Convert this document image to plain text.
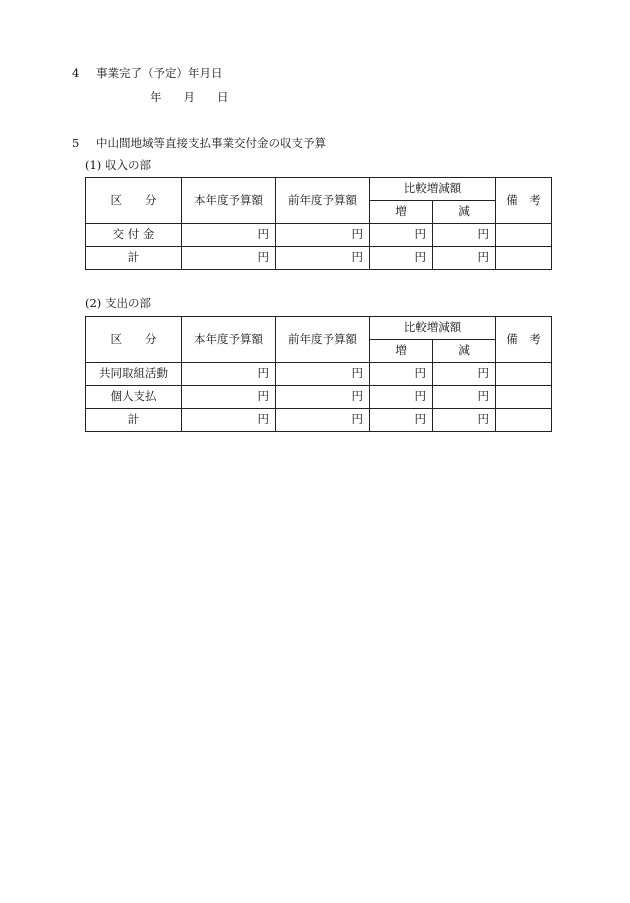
4 事業完了（予定）年月日
年 月 日
5 中山間地域等直接支払事業交付金の収支予算
(1) 収入の部
区　　分	本年度予算額	前年度予算額	比較増減額		備　考
			増	減	
交 付 金	円	円	円	円	
計	円	円	円	円	
(2) 支出の部
区　　分	本年度予算額	前年度予算額	比較増減額		備　考
			増	減	
共同取組活動	円	円	円	円	
個人支払	円	円	円	円	
計	円	円	円	円	
